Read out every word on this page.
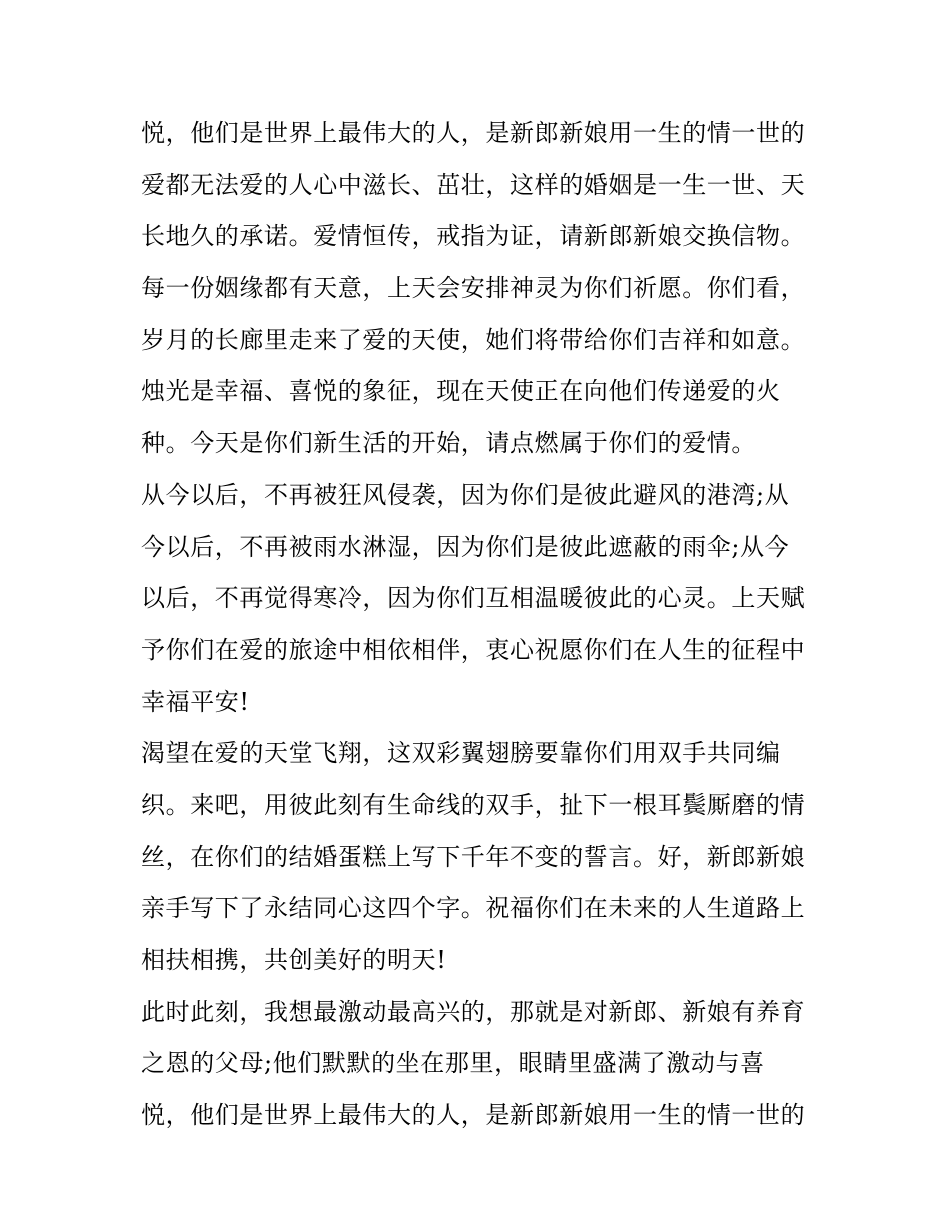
悦，他们是世界上最伟大的人，是新郎新娘用一生的情一世的
爱都无法爱的人心中滋长、茁壮，这样的婚姻是一生一世、天
长地久的承诺。爱情恒传，戒指为证，请新郎新娘交换信物。
每一份姻缘都有天意，上天会安排神灵为你们祈愿。你们看，
岁月的长廊里走来了爱的天使，她们将带给你们吉祥和如意。
烛光是幸福、喜悦的象征，现在天使正在向他们传递爱的火
种。今天是你们新生活的开始，请点燃属于你们的爱情。
从今以后，不再被狂风侵袭，因为你们是彼此避风的港湾;从
今以后，不再被雨水淋湿，因为你们是彼此遮蔽的雨伞;从今
以后，不再觉得寒冷，因为你们互相温暖彼此的心灵。上天赋
予你们在爱的旅途中相依相伴，衷心祝愿你们在人生的征程中
幸福平安!
渴望在爱的天堂飞翔，这双彩翼翅膀要靠你们用双手共同编
织。来吧，用彼此刻有生命线的双手，扯下一根耳鬓厮磨的情
丝，在你们的结婚蛋糕上写下千年不变的誓言。好，新郎新娘
亲手写下了永结同心这四个字。祝福你们在未来的人生道路上
相扶相携，共创美好的明天!
此时此刻，我想最激动最高兴的，那就是对新郎、新娘有养育
之恩的父母;他们默默的坐在那里，眼睛里盛满了激动与喜
悦，他们是世界上最伟大的人，是新郎新娘用一生的情一世的
